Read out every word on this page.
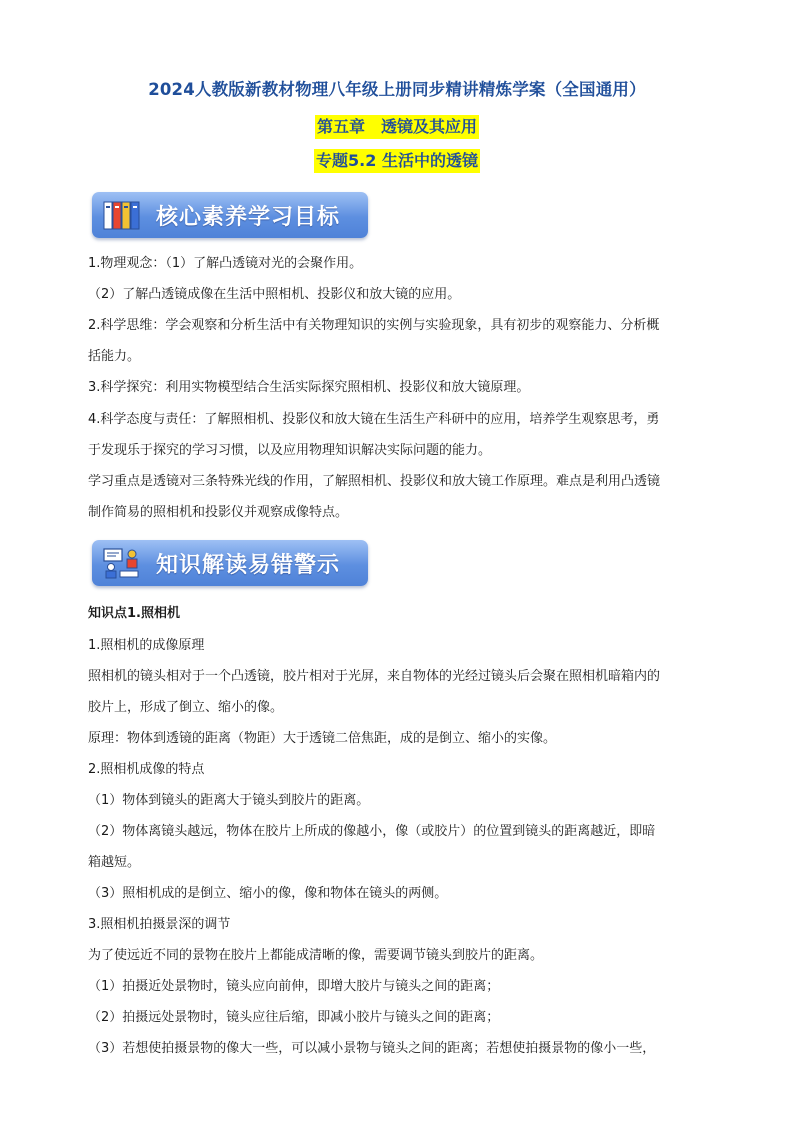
2024人教版新教材物理八年级上册同步精讲精炼学案（全国通用）
第五章　透镜及其应用
专题5.2 生活中的透镜
核心素养学习目标
1.物理观念：（1）了解凸透镜对光的会聚作用。
（2）了解凸透镜成像在生活中照相机、投影仪和放大镜的应用。
2.科学思维：学会观察和分析生活中有关物理知识的实例与实验现象，具有初步的观察能力、分析概
括能力。
3.科学探究：利用实物模型结合生活实际探究照相机、投影仪和放大镜原理。
4.科学态度与责任：了解照相机、投影仪和放大镜在生活生产科研中的应用，培养学生观察思考，勇
于发现乐于探究的学习习惯，以及应用物理知识解决实际问题的能力。
学习重点是透镜对三条特殊光线的作用，了解照相机、投影仪和放大镜工作原理。难点是利用凸透镜
制作简易的照相机和投影仪并观察成像特点。
知识解读易错警示
知识点1.照相机
1.照相机的成像原理
照相机的镜头相对于一个凸透镜，胶片相对于光屏，来自物体的光经过镜头后会聚在照相机暗箱内的
胶片上，形成了倒立、缩小的像。
原理：物体到透镜的距离（物距）大于透镜二倍焦距，成的是倒立、缩小的实像。
2.照相机成像的特点
（1）物体到镜头的距离大于镜头到胶片的距离。
（2）物体离镜头越远，物体在胶片上所成的像越小，像（或胶片）的位置到镜头的距离越近，即暗
箱越短。
（3）照相机成的是倒立、缩小的像，像和物体在镜头的两侧。
3.照相机拍摄景深的调节
为了使远近不同的景物在胶片上都能成清晰的像，需要调节镜头到胶片的距离。
（1）拍摄近处景物时，镜头应向前伸，即增大胶片与镜头之间的距离；
（2）拍摄远处景物时，镜头应往后缩，即减小胶片与镜头之间的距离；
（3）若想使拍摄景物的像大一些，可以减小景物与镜头之间的距离；若想使拍摄景物的像小一些，
